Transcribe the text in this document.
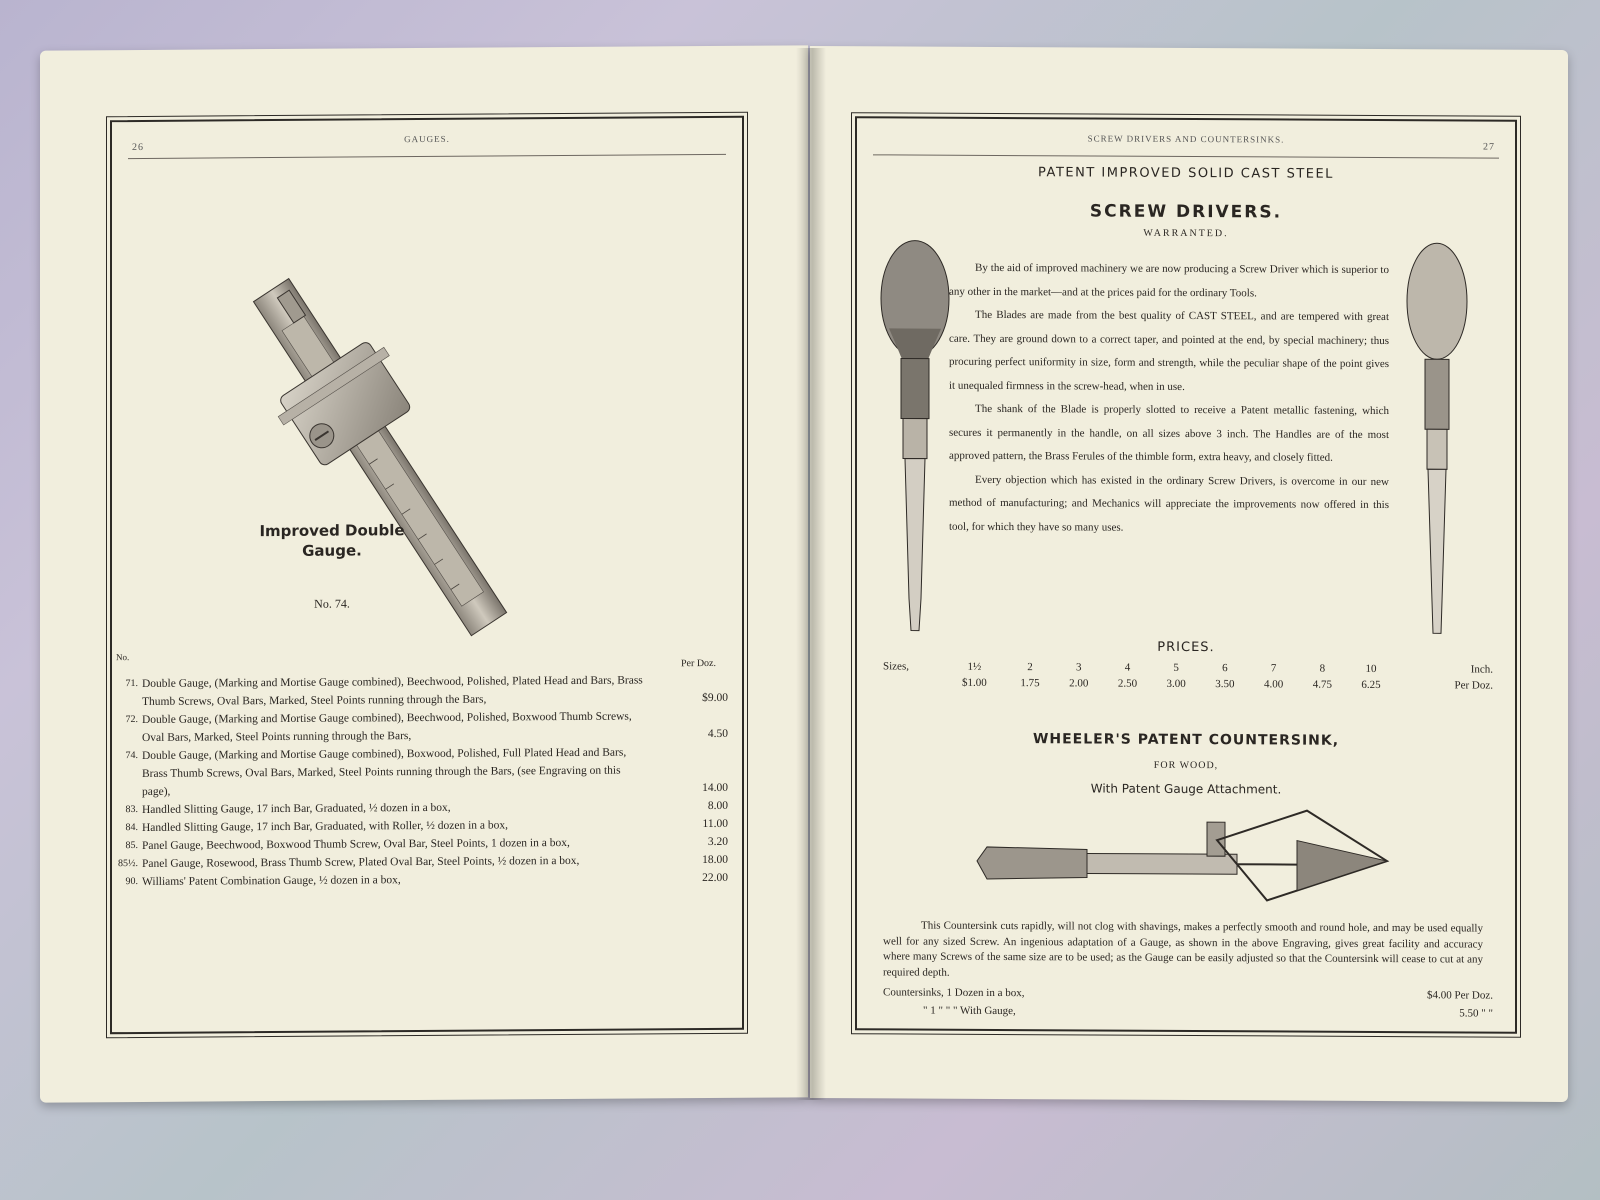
26
GAUGES.
Improved Double
Gauge.
No. 74.
No.
Per Doz.
71. Double Gauge, (Marking and Mortise Gauge combined), Beechwood, Polished, Plated Head and Bars, Brass Thumb Screws, Oval Bars, Marked, Steel Points running through the Bars,	$9.00
72. Double Gauge, (Marking and Mortise Gauge combined), Beechwood, Polished, Boxwood Thumb Screws, Oval Bars, Marked, Steel Points running through the Bars,	4.50
74. Double Gauge, (Marking and Mortise Gauge combined), Boxwood, Polished, Full Plated Head and Bars, Brass Thumb Screws, Oval Bars, Marked, Steel Points running through the Bars, (see Engraving on this page),	14.00
83. Handled Slitting Gauge, 17 inch Bar, Graduated, ½ dozen in a box,	8.00
84. Handled Slitting Gauge, 17 inch Bar, Graduated, with Roller, ½ dozen in a box,	11.00
85. Panel Gauge, Beechwood, Boxwood Thumb Screw, Oval Bar, Steel Points, 1 dozen in a box,	3.20
85½. Panel Gauge, Rosewood, Brass Thumb Screw, Plated Oval Bar, Steel Points, ½ dozen in a box,	18.00
90. Williams' Patent Combination Gauge, ½ dozen in a box,	22.00
SCREW DRIVERS AND COUNTERSINKS.
27
PATENT IMPROVED SOLID CAST STEEL
SCREW DRIVERS.
WARRANTED.

By the aid of improved machinery we are now producing a Screw Driver which is superior to any other in the market—and at the prices paid for the ordinary Tools.

The Blades are made from the best quality of CAST STEEL, and are tempered with great care. They are ground down to a correct taper, and pointed at the end, by special machinery; thus procuring perfect uniformity in size, form and strength, while the peculiar shape of the point gives it unequaled firmness in the screw-head, when in use.

The shank of the Blade is properly slotted to receive a Patent metallic fastening, which secures it permanently in the handle, on all sizes above 3 inch. The Handles are of the most approved pattern, the Brass Ferules of the thimble form, extra heavy, and closely fitted.

Every objection which has existed in the ordinary Screw Drivers, is overcome in our new method of manufacturing; and Mechanics will appreciate the improvements now offered in this tool, for which they have so many uses.

PRICES.
Sizes,	1½	2	3	4	5	6	7	8	10	Inch.
	$1.00	1.75	2.00	2.50	3.00	3.50	4.00	4.75	6.25	Per Doz.
WHEELER'S PATENT COUNTERSINK,
FOR WOOD,
With Patent Gauge Attachment.

This Countersink cuts rapidly, will not clog with shavings, makes a perfectly smooth and round hole, and may be used equally well for any sized Screw. An ingenious adaptation of a Gauge, as shown in the above Engraving, gives great facility and accuracy where many Screws of the same size are to be used; as the Gauge can be easily adjusted so that the Countersink will cease to cut at any required depth.

Countersinks, 1 Dozen in a box,	$4.00 Per Doz.
" 1 " " " With Gauge,	5.50 " "
